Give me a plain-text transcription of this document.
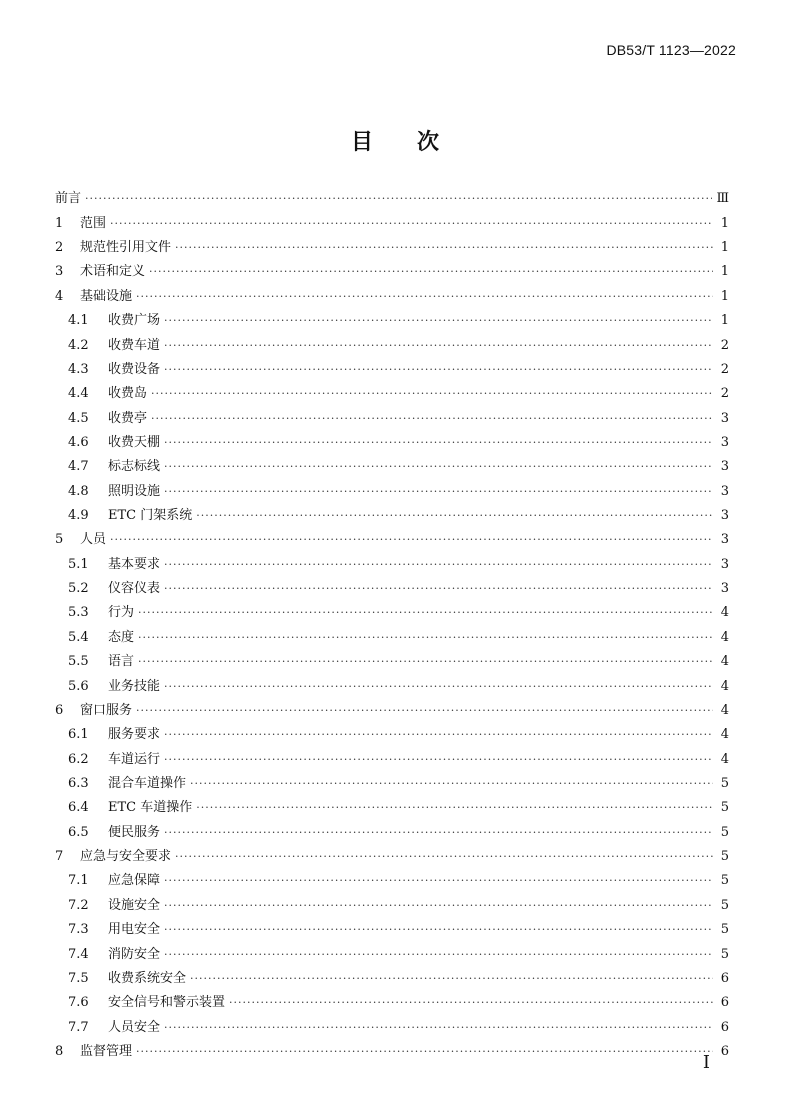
DB53/T 1123—2022
目 次
前言 ·····	Ⅲ
1	范围 ·····	1
2	规范性引用文件 ·····	1
3	术语和定义 ·····	1
4	基础设施 ·····	1
4.1	收费广场 ·····	1
4.2	收费车道 ·····	2
4.3	收费设备 ·····	2
4.4	收费岛 ·····	2
4.5	收费亭 ·····	3
4.6	收费天棚 ·····	3
4.7	标志标线 ·····	3
4.8	照明设施 ·····	3
4.9	ETC 门架系统 ·····	3
5	人员 ·····	3
5.1	基本要求 ·····	3
5.2	仪容仪表 ·····	3
5.3	行为 ·····	4
5.4	态度 ·····	4
5.5	语言 ·····	4
5.6	业务技能 ·····	4
6	窗口服务 ·····	4
6.1	服务要求 ·····	4
6.2	车道运行 ·····	4
6.3	混合车道操作 ·····	5
6.4	ETC 车道操作 ·····	5
6.5	便民服务 ·····	5
7	应急与安全要求 ·····	5
7.1	应急保障 ·····	5
7.2	设施安全 ·····	5
7.3	用电安全 ·····	5
7.4	消防安全 ·····	5
7.5	收费系统安全 ·····	6
7.6	安全信号和警示装置 ·····	6
7.7	人员安全 ·····	6
8	监督管理 ·····	6
I
